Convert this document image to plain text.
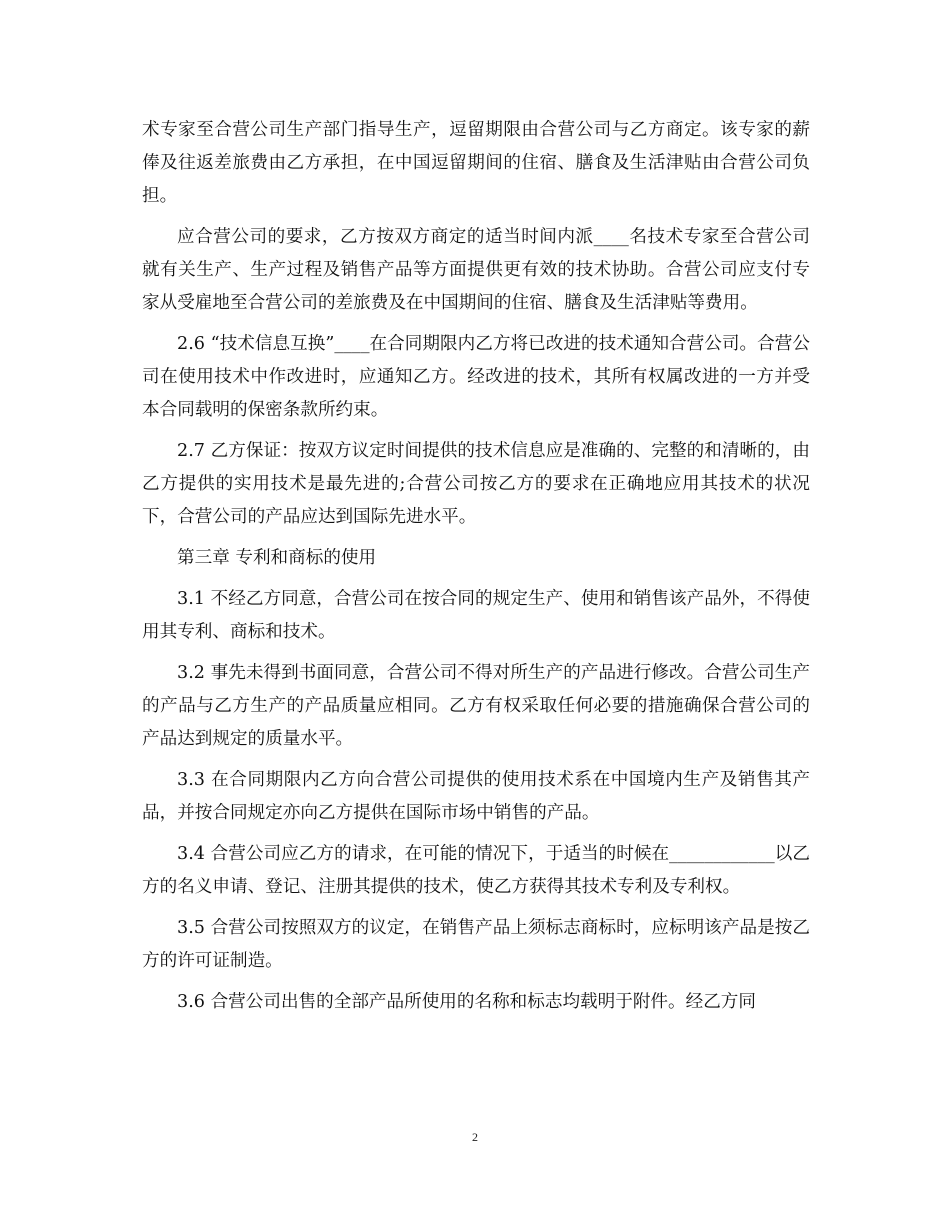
术专家至合营公司生产部门指导生产，逗留期限由合营公司与乙方商定。该专家的薪俸及往返差旅费由乙方承担，在中国逗留期间的住宿、膳食及生活津贴由合营公司负担。

应合营公司的要求，乙方按双方商定的适当时间内派____名技术专家至合营公司就有关生产、生产过程及销售产品等方面提供更有效的技术协助。合营公司应支付专家从受雇地至合营公司的差旅费及在中国期间的住宿、膳食及生活津贴等费用。

2.6 “技术信息互换”____在合同期限内乙方将已改进的技术通知合营公司。合营公司在使用技术中作改进时，应通知乙方。经改进的技术，其所有权属改进的一方并受本合同载明的保密条款所约束。

2.7 乙方保证：按双方议定时间提供的技术信息应是准确的、完整的和清晰的，由乙方提供的实用技术是最先进的;合营公司按乙方的要求在正确地应用其技术的状况下，合营公司的产品应达到国际先进水平。

第三章 专利和商标的使用

3.1 不经乙方同意，合营公司在按合同的规定生产、使用和销售该产品外，不得使用其专利、商标和技术。

3.2 事先未得到书面同意，合营公司不得对所生产的产品进行修改。合营公司生产的产品与乙方生产的产品质量应相同。乙方有权采取任何必要的措施确保合营公司的产品达到规定的质量水平。

3.3 在合同期限内乙方向合营公司提供的使用技术系在中国境内生产及销售其产品，并按合同规定亦向乙方提供在国际市场中销售的产品。

3.4 合营公司应乙方的请求，在可能的情况下，于适当的时候在____________以乙方的名义申请、登记、注册其提供的技术，使乙方获得其技术专利及专利权。

3.5 合营公司按照双方的议定，在销售产品上须标志商标时，应标明该产品是按乙方的许可证制造。

3.6 合营公司出售的全部产品所使用的名称和标志均载明于附件。经乙方同

2
